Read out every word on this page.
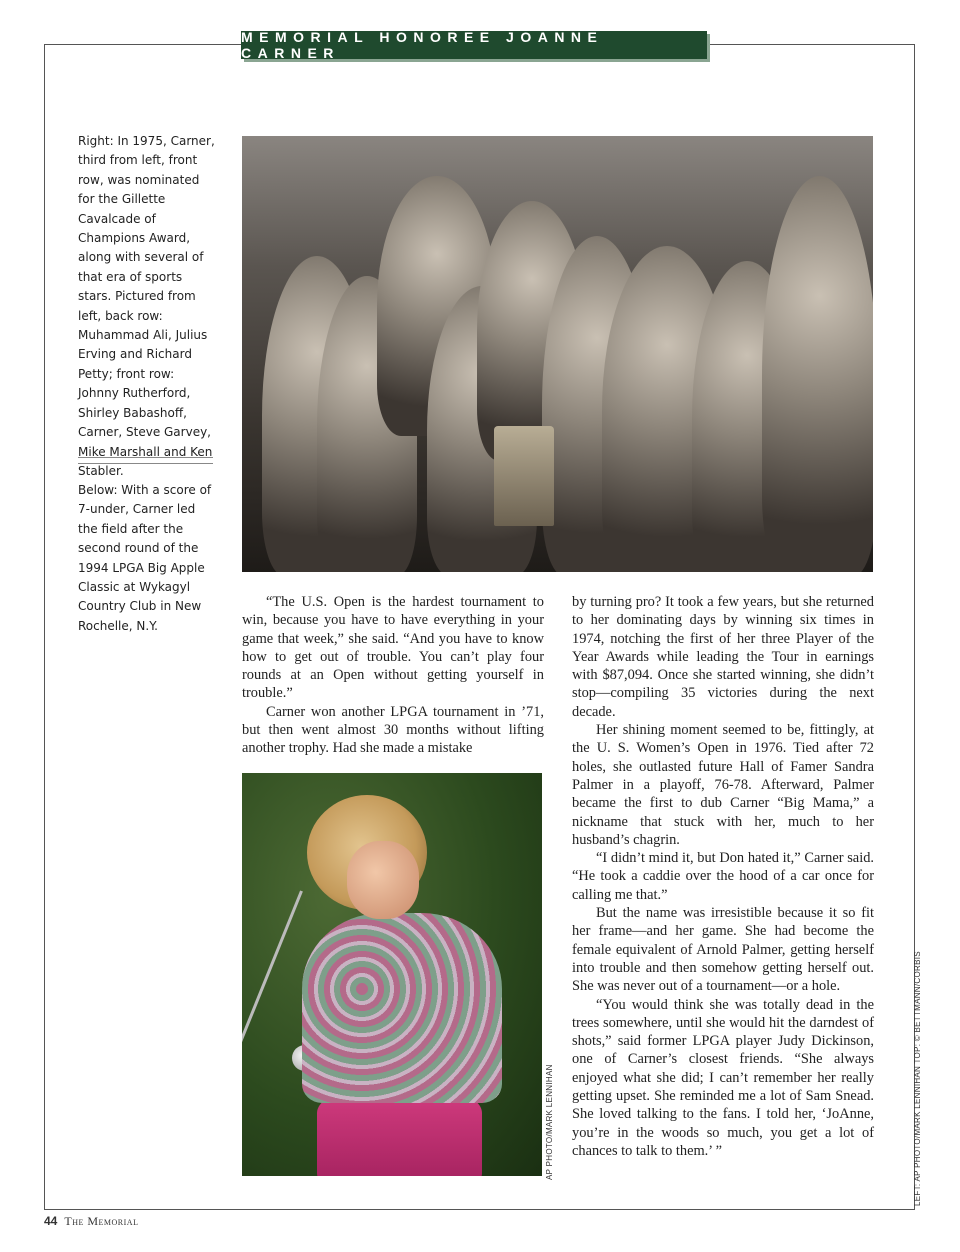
MEMORIAL HONOREE JOANNE CARNER
Right: In 1975, Carner, third from left, front row, was nominated for the Gillette Cavalcade of Champions Award, along with several of that era of sports stars. Pictured from left, back row: Muhammad Ali, Julius Erving and Richard Petty; front row: Johnny Rutherford, Shirley Babashoff, Carner, Steve Garvey, Mike Marshall and Ken Stabler.
Below: With a score of 7-under, Carner led the field after the second round of the 1994 LPGA Big Apple Classic at Wykagyl Country Club in New Rochelle, N.Y.
AP PHOTO/MARK LENNIHAN	LEFT: AP PHOTO/MARK LENNIHAN TOP: © BETTMANN/CORBIS

“The U.S. Open is the hardest tournament to win, because you have to have everything in your game that week,” she said. “And you have to know how to get out of trouble. You can’t play four rounds at an Open without getting yourself in trouble.”

Carner won another LPGA tournament in ’71, but then went almost 30 months without lifting another trophy. Had she made a mistake

by turning pro? It took a few years, but she returned to her dominating days by winning six times in 1974, notching the first of her three Player of the Year Awards while leading the Tour in earnings with $87,094. Once she started winning, she didn’t stop—compiling 35 victories during the next decade.

Her shining moment seemed to be, fittingly, at the U. S. Women’s Open in 1976. Tied after 72 holes, she outlasted future Hall of Famer Sandra Palmer in a playoff, 76-78. Afterward, Palmer became the first to dub Carner “Big Mama,” a nickname that stuck with her, much to her husband’s chagrin.

“I didn’t mind it, but Don hated it,” Carner said. “He took a caddie over the hood of a car once for calling me that.”

But the name was irresistible because it so fit her frame—and her game. She had become the female equivalent of Arnold Palmer, getting herself into trouble and then somehow getting herself out. She was never out of a tournament—or a hole.

“You would think she was totally dead in the trees somewhere, until she would hit the darndest of shots,” said former LPGA player Judy Dickinson, one of Carner’s closest friends. “She always enjoyed what she did; I can’t remember her really getting upset. She reminded me a lot of Sam Snead. She loved talking to the fans. I told her, ‘JoAnne, you’re in the woods so much, you get a lot of chances to talk to them.’ ”

44 The Memorial
